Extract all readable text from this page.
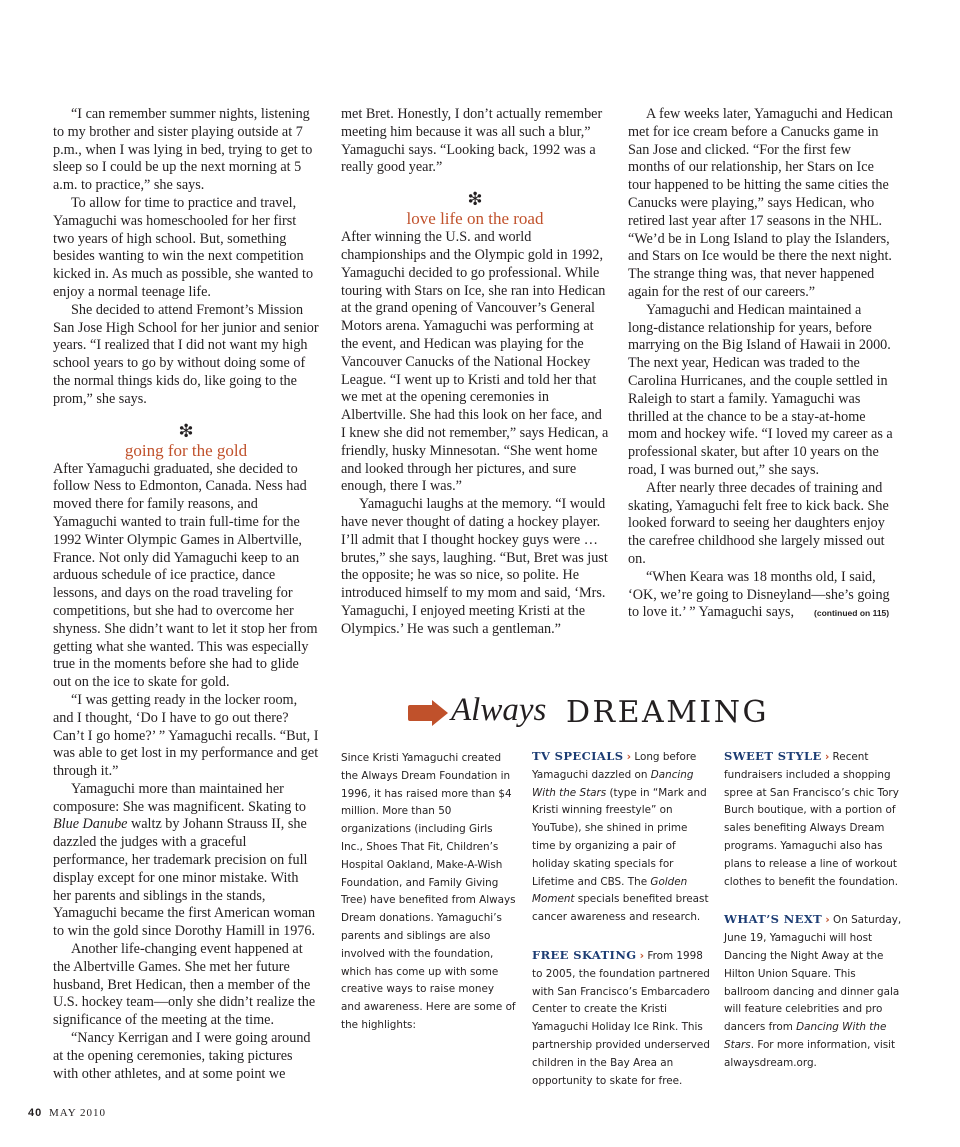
“I can remember summer nights, listening to my brother and sister playing outside at 7 p.m., when I was lying in bed, trying to get to sleep so I could be up the next morning at 5 a.m. to practice,” she says.

To allow for time to practice and travel, Yamaguchi was homeschooled for her first two years of high school. But, something besides wanting to win the next competition kicked in. As much as possible, she wanted to enjoy a normal teenage life.

She decided to attend Fremont’s Mission San Jose High School for her junior and senior years. “I realized that I did not want my high school years to go by without doing some of the normal things kids do, like going to the prom,” she says.

❇
going for the gold

After Yamaguchi graduated, she decided to follow Ness to Edmonton, Canada. Ness had moved there for family reasons, and Yamaguchi wanted to train full-time for the 1992 Winter Olympic Games in Albertville, France. Not only did Yamaguchi keep to an arduous schedule of ice practice, dance lessons, and days on the road traveling for competitions, but she had to overcome her shyness. She didn’t want to let it stop her from getting what she wanted. This was especially true in the moments before she had to glide out on the ice to skate for gold.

“I was getting ready in the locker room, and I thought, ‘Do I have to go out there? Can’t I go home?’ ” Yamaguchi recalls. “But, I was able to get lost in my performance and get through it.”

Yamaguchi more than maintained her composure: She was magnificent. Skating to Blue Danube waltz by Johann Strauss II, she dazzled the judges with a graceful performance, her trademark precision on full display except for one minor mistake. With her parents and siblings in the stands, Yamaguchi became the first American woman to win the gold since Dorothy Hamill in 1976.

Another life-changing event happened at the Albertville Games. She met her future husband, Bret Hedican, then a member of the U.S. hockey team—only she didn’t realize the significance of the meeting at the time.

“Nancy Kerrigan and I were going around at the opening ceremonies, taking pictures with other athletes, and at some point we

met Bret. Honestly, I don’t actually remember meeting him because it was all such a blur,” Yamaguchi says. “Looking back, 1992 was a really good year.”

❇
love life on the road

After winning the U.S. and world championships and the Olympic gold in 1992, Yamaguchi decided to go professional. While touring with Stars on Ice, she ran into Hedican at the grand opening of Vancouver’s General Motors arena. Yamaguchi was performing at the event, and Hedican was playing for the Vancouver Canucks of the National Hockey League. “I went up to Kristi and told her that we met at the opening ceremonies in Albertville. She had this look on her face, and I knew she did not remember,” says Hedican, a friendly, husky Minnesotan. “She went home and looked through her pictures, and sure enough, there I was.”

Yamaguchi laughs at the memory. “I would have never thought of dating a hockey player. I’ll admit that I thought hockey guys were … brutes,” she says, laughing. “But, Bret was just the opposite; he was so nice, so polite. He introduced himself to my mom and said, ‘Mrs. Yamaguchi, I enjoyed meeting Kristi at the Olympics.’ He was such a gentleman.”

A few weeks later, Yamaguchi and Hedican met for ice cream before a Canucks game in San Jose and clicked. “For the first few months of our relationship, her Stars on Ice tour happened to be hitting the same cities the Canucks were playing,” says Hedican, who retired last year after 17 seasons in the NHL. “We’d be in Long Island to play the Islanders, and Stars on Ice would be there the next night. The strange thing was, that never happened again for the rest of our careers.”

Yamaguchi and Hedican maintained a long-distance relationship for years, before marrying on the Big Island of Hawaii in 2000. The next year, Hedican was traded to the Carolina Hurricanes, and the couple settled in Raleigh to start a family. Yamaguchi was thrilled at the chance to be a stay-at-home mom and hockey wife. “I loved my career as a professional skater, but after 10 years on the road, I was burned out,” she says.

After nearly three decades of training and skating, Yamaguchi felt free to kick back. She looked forward to seeing her daughters enjoy the carefree childhood she largely missed out on.

“When Keara was 18 months old, I said, ‘OK, we’re going to Disneyland—she’s going to love it.’ ” Yamaguchi says, (continued on 115)

Always DREAMING

Since Kristi Yamaguchi created the Always Dream Foundation in 1996, it has raised more than $4 million. More than 50 organizations (including Girls Inc., Shoes That Fit, Children’s Hospital Oakland, Make-A-Wish Foundation, and Family Giving Tree) have benefited from Always Dream donations. Yamaguchi’s parents and siblings are also involved with the foundation, which has come up with some creative ways to raise money and awareness. Here are some of the highlights:

TV SPECIALS › Long before Yamaguchi dazzled on Dancing With the Stars (type in “Mark and Kristi winning freestyle” on YouTube), she shined in prime time by organizing a pair of holiday skating specials for Lifetime and CBS. The Golden Moment specials benefited breast cancer awareness and research.

FREE SKATING › From 1998 to 2005, the foundation partnered with San Francisco’s Embarcadero Center to create the Kristi Yamaguchi Holiday Ice Rink. This partnership provided underserved children in the Bay Area an opportunity to skate for free.

SWEET STYLE › Recent fundraisers included a shopping spree at San Francisco’s chic Tory Burch boutique, with a portion of sales benefiting Always Dream programs. Yamaguchi also has plans to release a line of workout clothes to benefit the foundation.

WHAT’S NEXT › On Saturday, June 19, Yamaguchi will host Dancing the Night Away at the Hilton Union Square. This ballroom dancing and dinner gala will feature celebrities and pro dancers from Dancing With the Stars. For more information, visit alwaysdream.org.

40 MAY 2010
